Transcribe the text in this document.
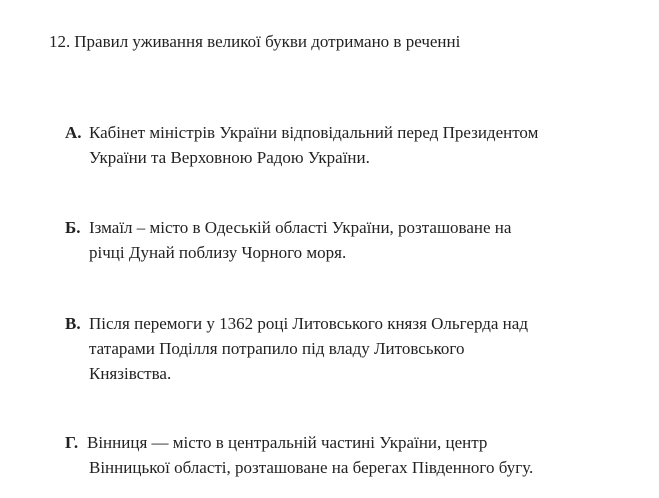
12. Правил уживання великої букви дотримано в реченні
А. Кабінет міністрів України відповідальний перед Президентом
України та Верховною Радою України.
Б. Ізмаїл – місто в Одеській області України, розташоване на
річці Дунай поблизу Чорного моря.
В. Після перемоги у 1362 році Литовського князя Ольгерда над
татарами Поділля потрапило під владу Литовського
Князівства.
Г. Вінниця — місто в центральній частині України, центр
Вінницької області, розташоване на берегах Південного бугу.
